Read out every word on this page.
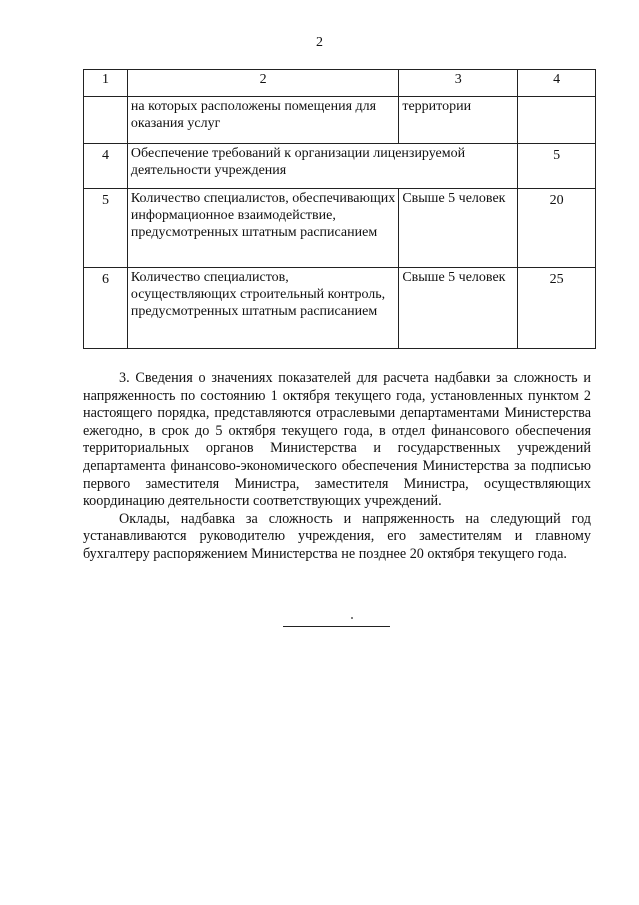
2
1	2	3	4
	на которых расположены помещения для оказания услуг	территории	
4	Обеспечение требований к организации лицензируемой деятельности учреждения		5
5	Количество специалистов, обеспечивающих информационное взаимодействие, предусмотренных штатным расписанием	Свыше 5 человек	20
6	Количество специалистов, осуществляющих строительный контроль, предусмотренных штатным расписанием	Свыше 5 человек	25

3. Сведения о значениях показателей для расчета надбавки за сложность и напряженность по состоянию 1 октября текущего года, установленных пунктом 2 настоящего порядка, представляются отраслевыми департаментами Министерства ежегодно, в срок до 5 октября текущего года, в отдел финансового обеспечения территориальных органов Министерства и государственных учреждений департамента финансово-экономического обеспечения Министерства за подписью первого заместителя Министра, заместителя Министра, осуществляющих координацию деятельности соответствующих учреждений.

Оклады, надбавка за сложность и напряженность на следующий год устанавливаются руководителю учреждения, его заместителям и главному бухгалтеру распоряжением Министерства не позднее 20 октября текущего года.
